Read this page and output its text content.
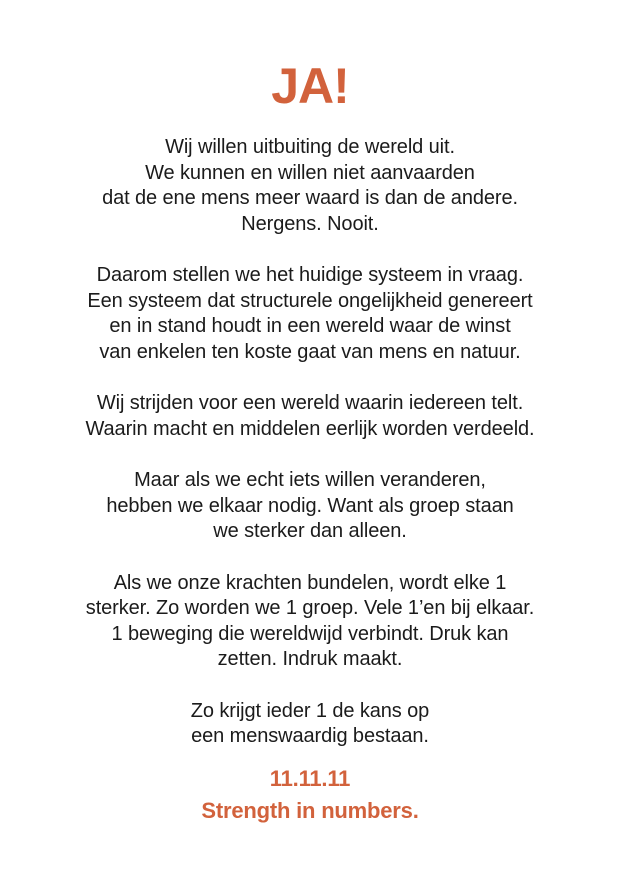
JA!

Wij willen uitbuiting de wereld uit.
We kunnen en willen niet aanvaarden
dat de ene mens meer waard is dan de andere.
Nergens. Nooit.

Daarom stellen we het huidige systeem in vraag.
Een systeem dat structurele ongelijkheid genereert
en in stand houdt in een wereld waar de winst
van enkelen ten koste gaat van mens en natuur.

Wij strijden voor een wereld waarin iedereen telt.
Waarin macht en middelen eerlijk worden verdeeld.

Maar als we echt iets willen veranderen,
hebben we elkaar nodig. Want als groep staan
we sterker dan alleen.

Als we onze krachten bundelen, wordt elke 1
sterker. Zo worden we 1 groep. Vele 1’en bij elkaar.
1 beweging die wereldwijd verbindt. Druk kan
zetten. Indruk maakt.

Zo krijgt ieder 1 de kans op
een menswaardig bestaan.

11.11.11
Strength in numbers.
